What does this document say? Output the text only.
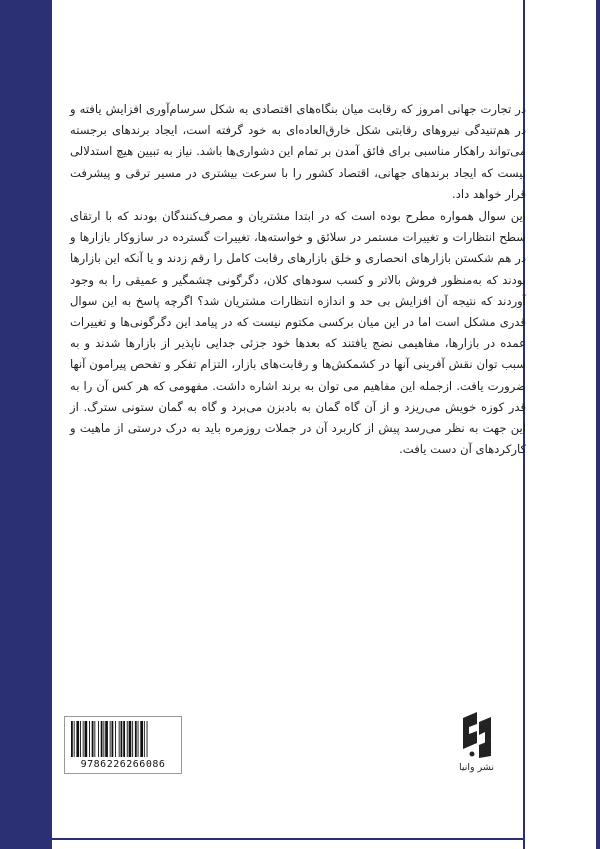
در تجارت جهانی امروز که رقابت میان بنگاه‌ها‌ی اقتصادی به شکل سرسام‌آوری افزایش یافته و در هم‌تنیدگی نیروهای رقابتی شکل خارق‌العاده‌ای به خود گرفته است، ایجاد برندهای برجسته می‌تواند راهکار مناسبی برای فائق آمدن بر تمام این دشواری‌ها باشد. نیاز به تبیین هیچ استدلالی نیست که ایجاد برندهای جهانی، اقتصاد کشور را با سرعت بیشتری در مسیر ترقی و پیشرفت قرار خواهد داد.

این سوال همواره مطرح بوده است که در ابتدا مشتریان و مصرف‌کنندگان بودند که با ارتقای سطح انتظارات و تغییرات مستمر در سلائق و خواسته‌ها، تغییرات گسترده در سازوکار بازارها و در هم شکستن بازارهای انحصاری و خلق بازارهای رقابت کامل را رقم زدند و یا آنکه این بازارها بودند که به‌منظور فروش بالاتر و کسب سودهای کلان، دگرگونی چشمگیر و عمیقی را به وجود آوردند که نتیجه آن افزایش بی حد و اندازه انتظارات مشتریان شد؟ اگرچه پاسخ به این سوال قدری مشکل است اما در این میان برکسی مکتوم نیست که در پیامد این دگرگونی‌ها و تغییرات عمده در بازارها، مفاهیمی نضج یافتند که بعدها خود جزئی جدایی ناپذیر از بازارها شدند و به سبب توان نقش آفرینی آنها در کشمکش‌ها و رقابت‌های بازار، التزام تفکر و تفحص پیرامون آنها ضرورت یافت. ازجمله این مفاهیم می توان به برند اشاره داشت. مفهومی که هر کس آن را به قدر کوزه خویش می‌ریزد و از آن گاه گمان به بادبزن می‌برد و گاه به گمان ستونی سترگ. از این جهت به نظر می‌رسد پیش از کاربرد آن در جملات روزمره باید به درک درستی از ماهیت و کارکردهای آن دست یافت.

9786226266086	نشر وانیا
